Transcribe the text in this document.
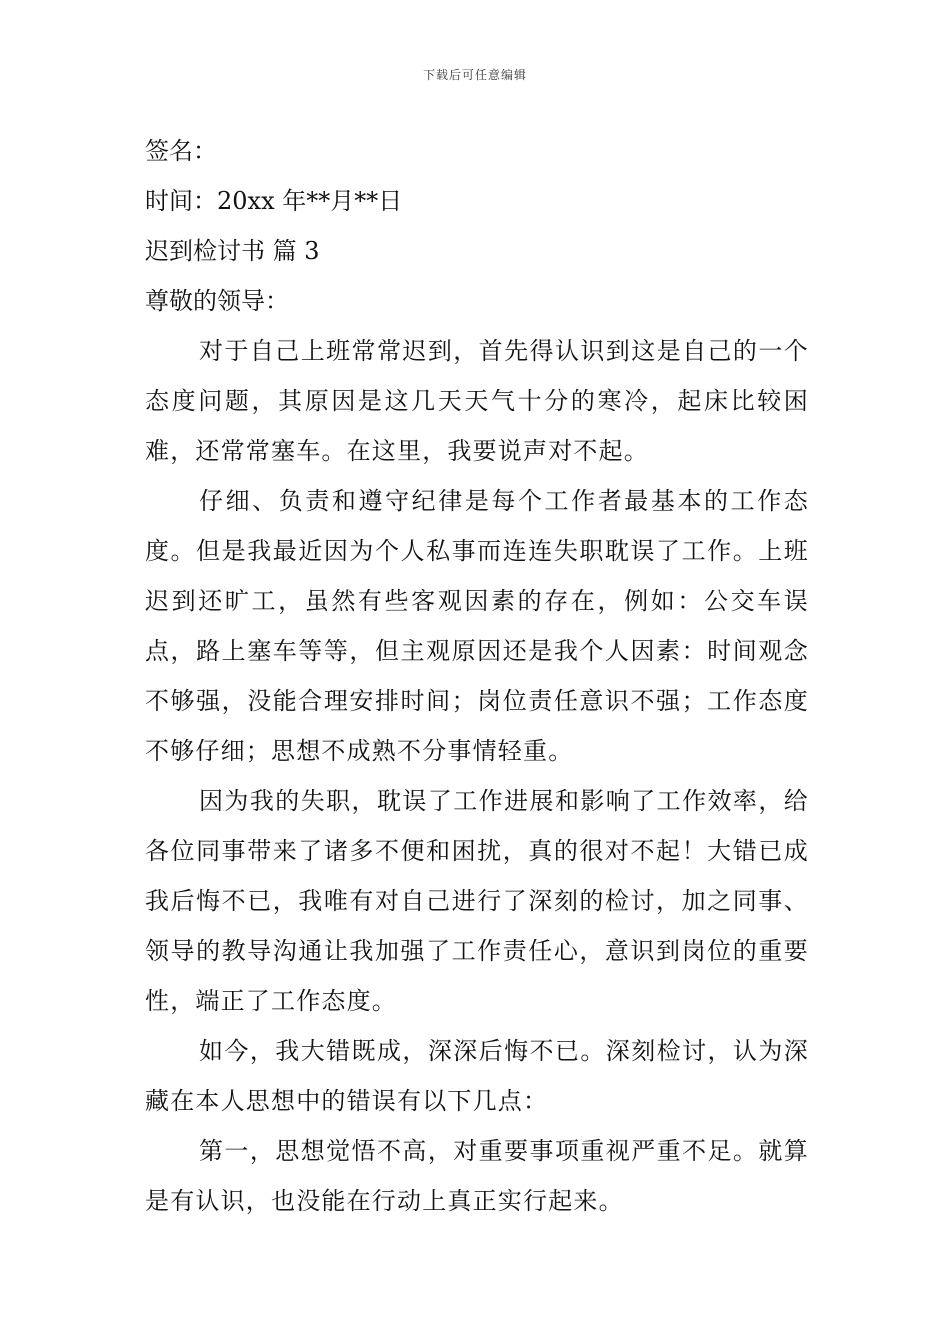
下载后可任意编辑

签名：

时间：20xx 年**月**日

迟到检讨书 篇 3

尊敬的领导：

对于自己上班常常迟到，首先得认识到这是自己的一个态度问题，其原因是这几天天气十分的寒冷，起床比较困难，还常常塞车。在这里，我要说声对不起。

仔细、负责和遵守纪律是每个工作者最基本的工作态度。但是我最近因为个人私事而连连失职耽误了工作。上班迟到还旷工，虽然有些客观因素的存在，例如：公交车误点，路上塞车等等，但主观原因还是我个人因素：时间观念不够强，没能合理安排时间；岗位责任意识不强；工作态度不够仔细；思想不成熟不分事情轻重。

因为我的失职，耽误了工作进展和影响了工作效率，给各位同事带来了诸多不便和困扰，真的很对不起！大错已成我后悔不已，我唯有对自己进行了深刻的检讨，加之同事、领导的教导沟通让我加强了工作责任心，意识到岗位的重要性，端正了工作态度。

如今，我大错既成，深深后悔不已。深刻检讨，认为深藏在本人思想中的错误有以下几点：

第一，思想觉悟不高，对重要事项重视严重不足。就算是有认识，也没能在行动上真正实行起来。
